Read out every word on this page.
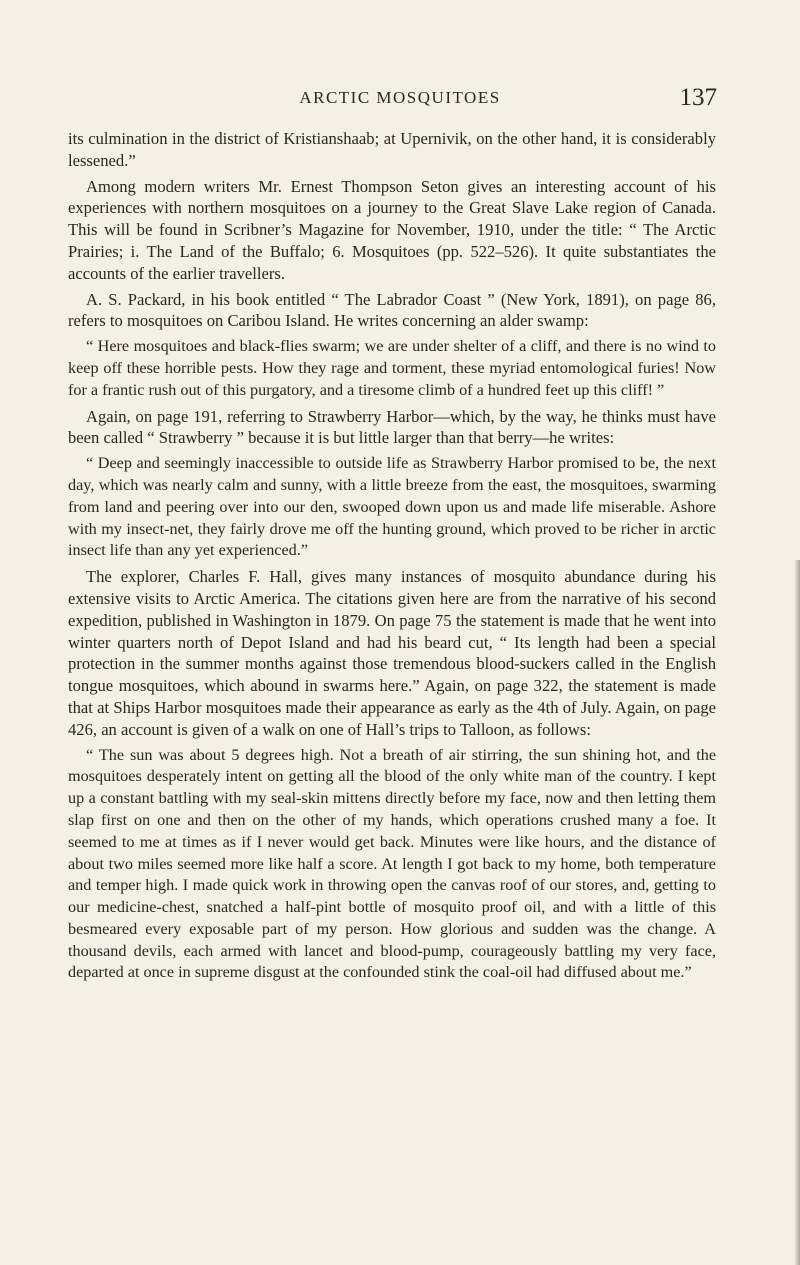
ARCTIC MOSQUITOES	137

its culmination in the district of Kristianshaab; at Upernivik, on the other hand, it is considerably lessened.”

Among modern writers Mr. Ernest Thompson Seton gives an interesting account of his experiences with northern mosquitoes on a journey to the Great Slave Lake region of Canada. This will be found in Scribner’s Magazine for November, 1910, under the title: “ The Arctic Prairies; i. The Land of the Buffalo; 6. Mosquitoes (pp. 522–526). It quite substantiates the accounts of the earlier travellers.

A. S. Packard, in his book entitled “ The Labrador Coast ” (New York, 1891), on page 86, refers to mosquitoes on Caribou Island. He writes concerning an alder swamp:

“ Here mosquitoes and black-flies swarm; we are under shelter of a cliff, and there is no wind to keep off these horrible pests. How they rage and torment, these myriad entomological furies! Now for a frantic rush out of this purgatory, and a tiresome climb of a hundred feet up this cliff! ”

Again, on page 191, referring to Strawberry Harbor—which, by the way, he thinks must have been called “ Strawberry ” because it is but little larger than that berry—he writes:

“ Deep and seemingly inaccessible to outside life as Strawberry Harbor promised to be, the next day, which was nearly calm and sunny, with a little breeze from the east, the mosquitoes, swarming from land and peering over into our den, swooped down upon us and made life miserable. Ashore with my insect-net, they fairly drove me off the hunting ground, which proved to be richer in arctic insect life than any yet experienced.”

The explorer, Charles F. Hall, gives many instances of mosquito abundance during his extensive visits to Arctic America. The citations given here are from the narrative of his second expedition, published in Washington in 1879. On page 75 the statement is made that he went into winter quarters north of Depot Island and had his beard cut, “ Its length had been a special protection in the summer months against those tremendous blood-suckers called in the English tongue mosquitoes, which abound in swarms here.” Again, on page 322, the statement is made that at Ships Harbor mosquitoes made their appearance as early as the 4th of July. Again, on page 426, an account is given of a walk on one of Hall’s trips to Talloon, as follows:

“ The sun was about 5 degrees high. Not a breath of air stirring, the sun shining hot, and the mosquitoes desperately intent on getting all the blood of the only white man of the country. I kept up a constant battling with my seal-skin mittens directly before my face, now and then letting them slap first on one and then on the other of my hands, which operations crushed many a foe. It seemed to me at times as if I never would get back. Minutes were like hours, and the distance of about two miles seemed more like half a score. At length I got back to my home, both temperature and temper high. I made quick work in throwing open the canvas roof of our stores, and, getting to our medicine-chest, snatched a half-pint bottle of mosquito proof oil, and with a little of this besmeared every exposable part of my person. How glorious and sudden was the change. A thousand devils, each armed with lancet and blood-pump, courageously battling my very face, departed at once in supreme disgust at the confounded stink the coal-oil had diffused about me.”
